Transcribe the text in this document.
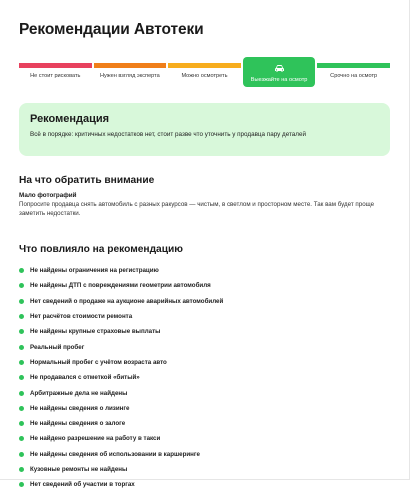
Рекомендации Автотеки
Не стоит рисковать	Нужен взгляд эксперта	Можно осмотреть
Выезжайте на осмотр
Срочно на осмотр
Рекомендация
Всё в порядке: критичных недостатков нет, стоит разве что уточнить у продавца пару деталей
На что обратить внимание
Мало фотографий
Попросите продавца снять автомобиль с разных ракурсов — чистым, в светлом и просторном месте. Так вам будет проще заметить недостатки.
Что повлияло на рекомендацию
Не найдены ограничения на регистрацию
Не найдены ДТП с повреждениями геометрии автомобиля
Нет сведений о продаже на аукционе аварийных автомобилей
Нет расчётов стоимости ремонта
Не найдены крупные страховые выплаты
Реальный пробег
Нормальный пробег с учётом возраста авто
Не продавался с отметкой «битый»
Арбитражные дела не найдены
Не найдены сведения о лизинге
Не найдены сведения о залоге
Не найдено разрешение на работу в такси
Не найдены сведения об использовании в каршеринге
Кузовные ремонты не найдены
Нет сведений об участии в торгах
